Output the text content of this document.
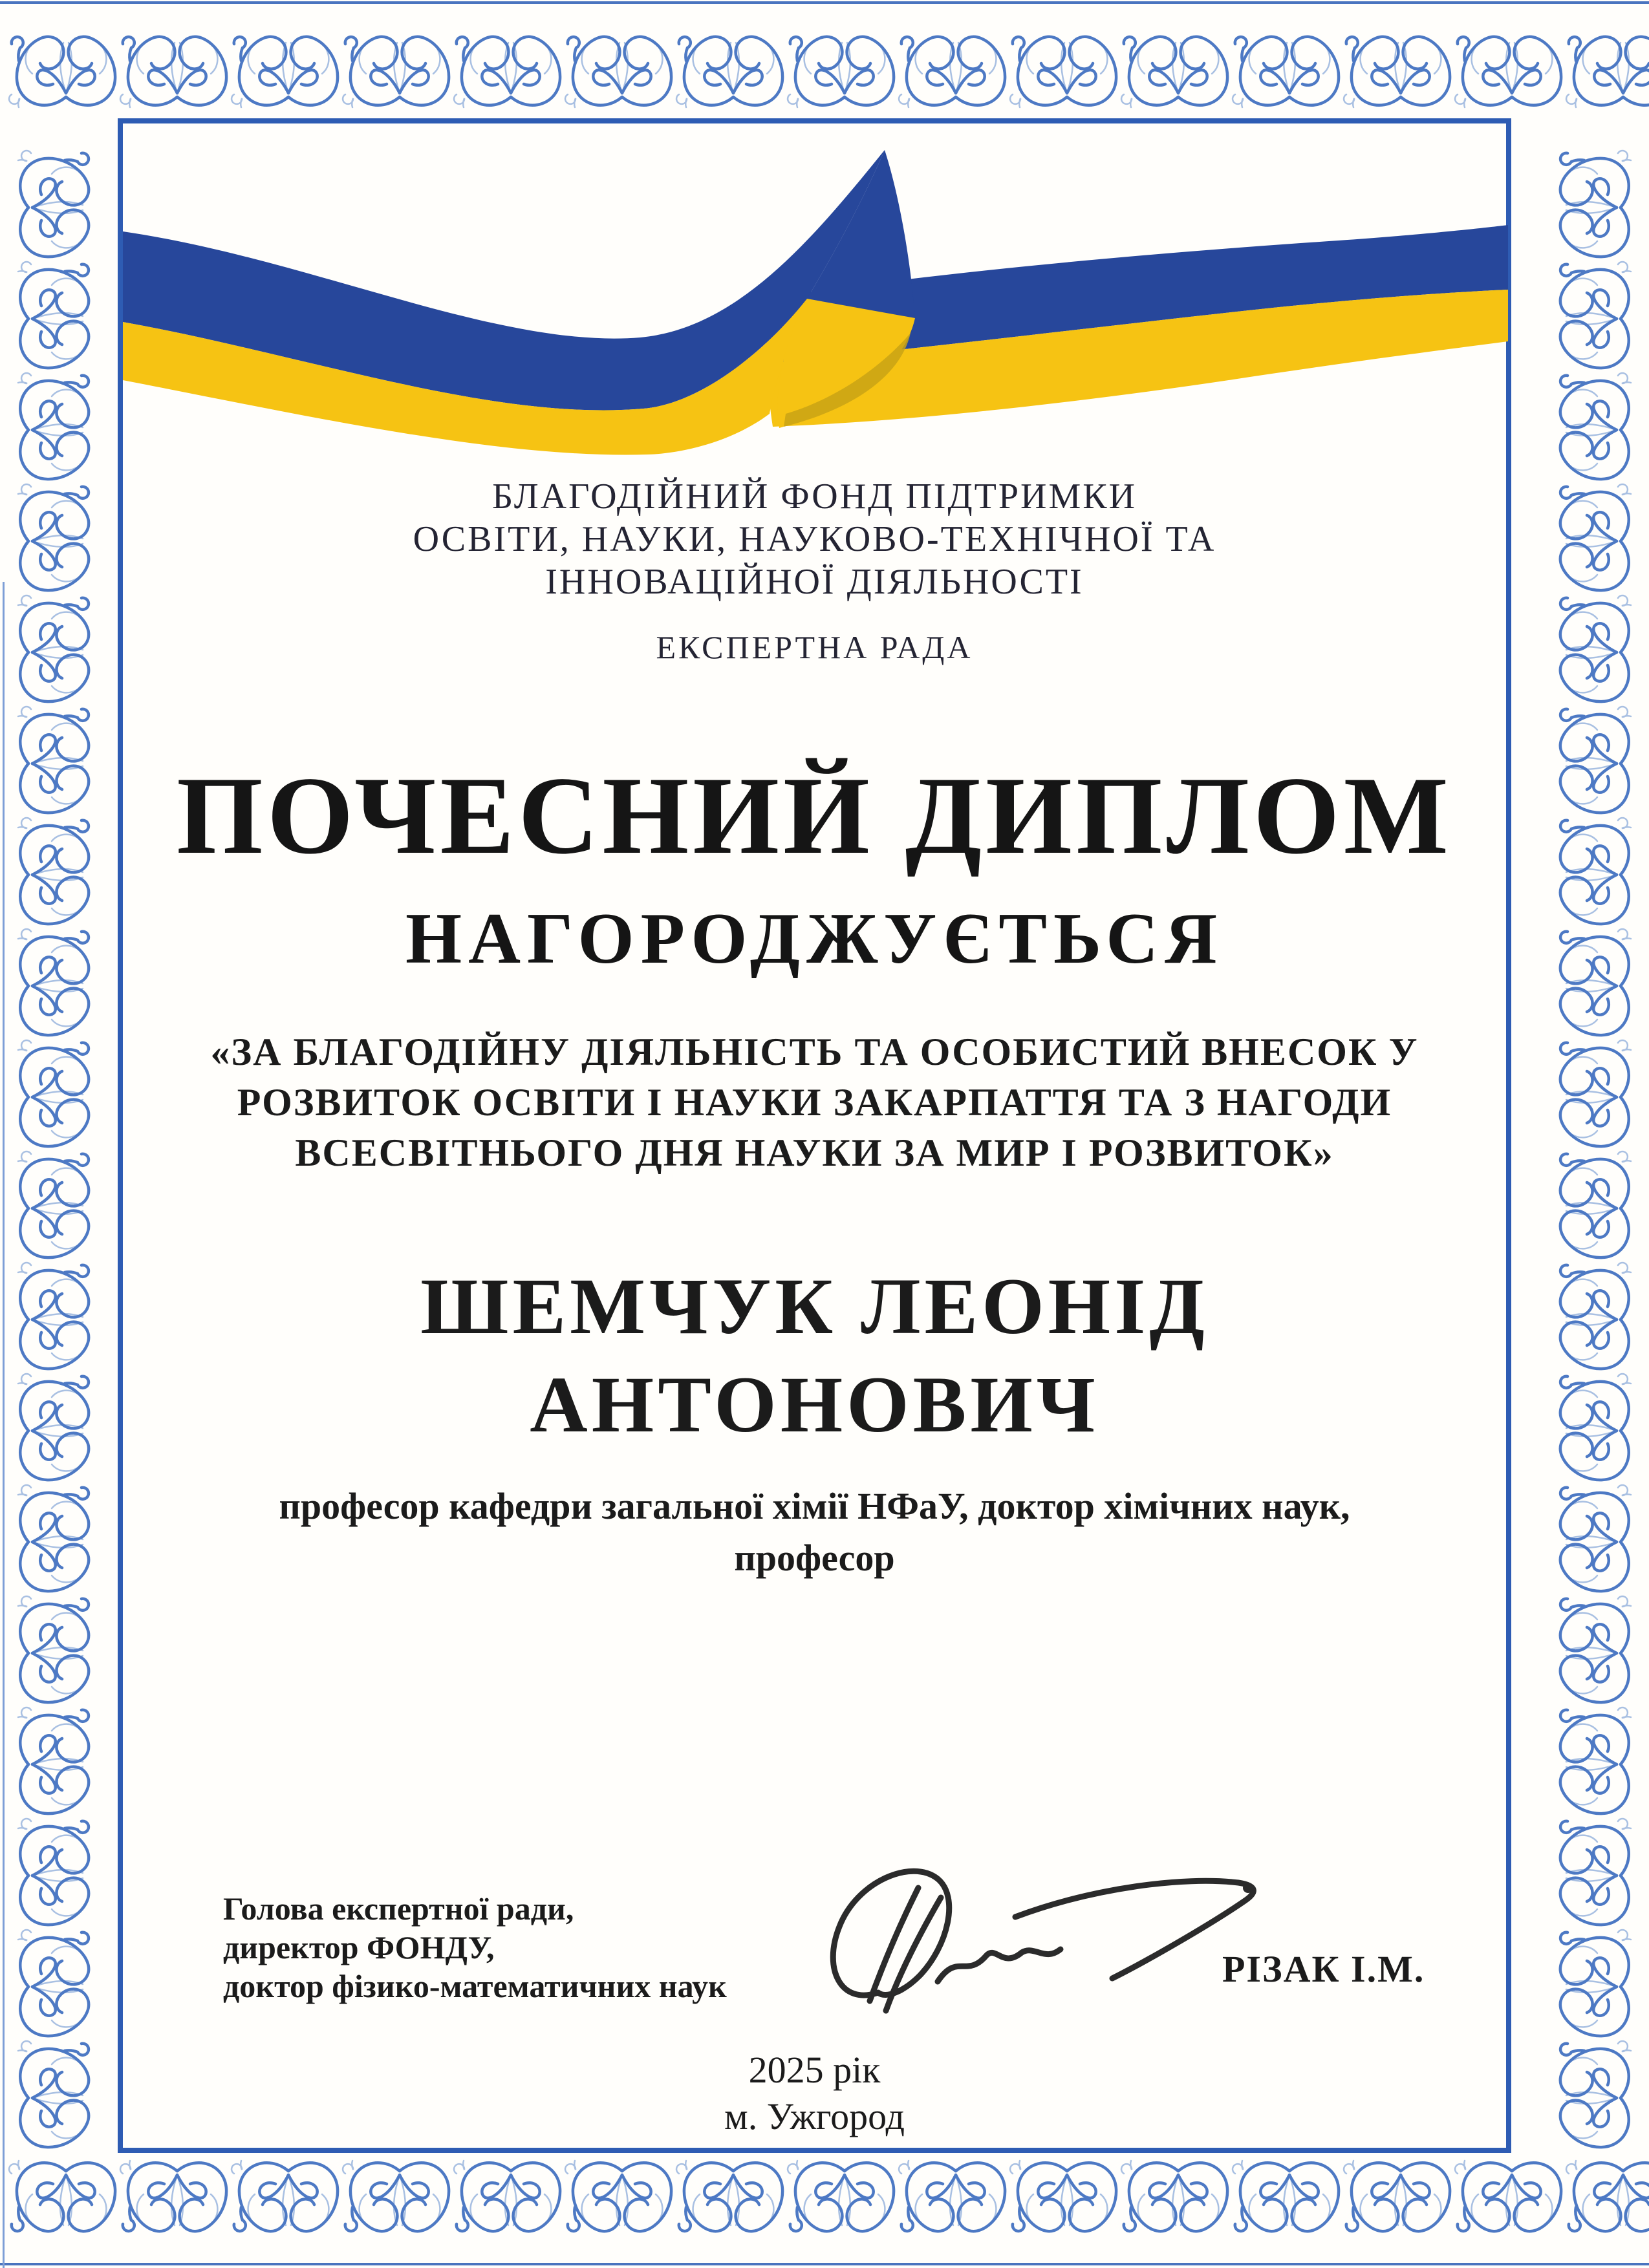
БЛАГОДІЙНИЙ ФОНД ПІДТРИМКИ
ОСВІТИ, НАУКИ, НАУКОВО-ТЕХНІЧНОЇ ТА
ІННОВАЦІЙНОЇ ДІЯЛЬНОСТІ
ЕКСПЕРТНА РАДА
ПОЧЕСНИЙ ДИПЛОМ
НАГОРОДЖУЄТЬСЯ
«ЗА БЛАГОДІЙНУ ДІЯЛЬНІСТЬ ТА ОСОБИСТИЙ ВНЕСОК У
РОЗВИТОК ОСВІТИ І НАУКИ ЗАКАРПАТТЯ ТА З НАГОДИ
ВСЕСВІТНЬОГО ДНЯ НАУКИ ЗА МИР І РОЗВИТОК»
ШЕМЧУК ЛЕОНІД
АНТОНОВИЧ
професор кафедри загальної хімії НФаУ, доктор хімічних наук,
професор
Голова експертної ради,
директор ФОНДУ,
доктор фізико-математичних наук	РІЗАК І.М.
2025 рік
м. Ужгород
